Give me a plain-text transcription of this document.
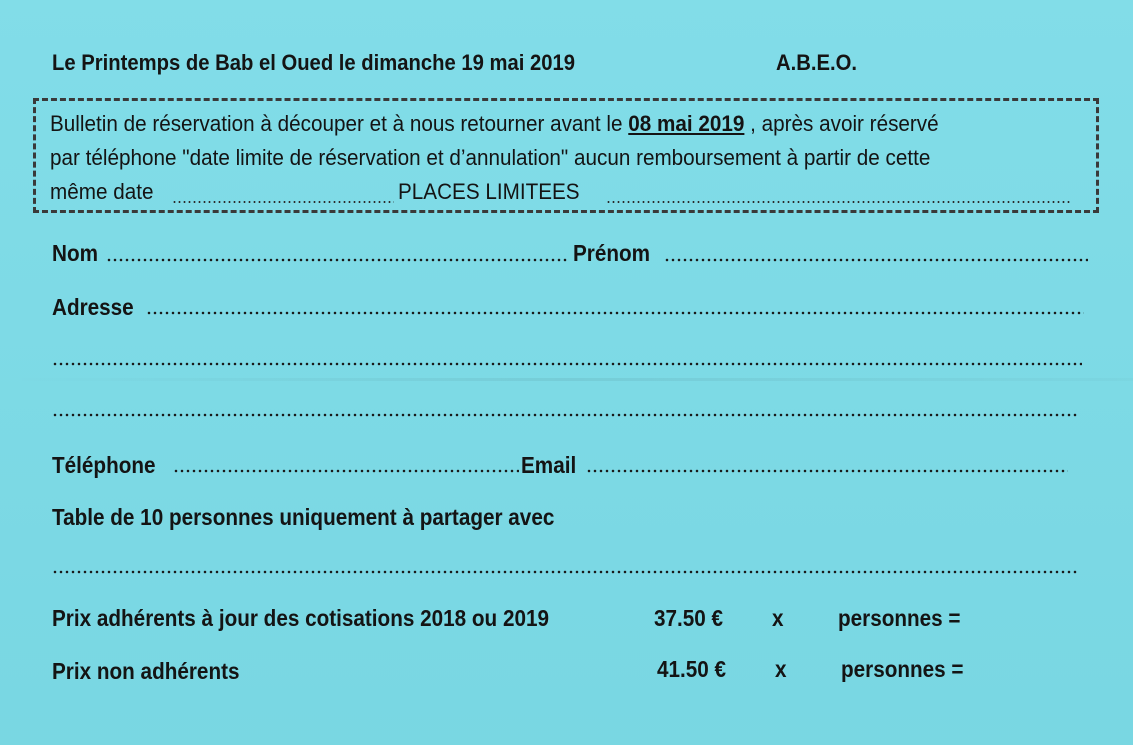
Le Printemps de Bab el Oued le dimanche 19 mai 2019	A.B.E.O.
Bulletin de réservation à découper et à nous retourner avant le 08 mai 2019 , après avoir réservé
par téléphone "date limite de réservation et d’annulation" aucun remboursement à partir de cette
même date	PLACES LIMITEES
Nom	Prénom
Adresse
Téléphone	Email
Table de 10 personnes uniquement à partager avec
Prix adhérents à jour des cotisations 2018 ou 2019	37.50 € x personnes =
Prix non adhérents	41.50 € x personnes =
